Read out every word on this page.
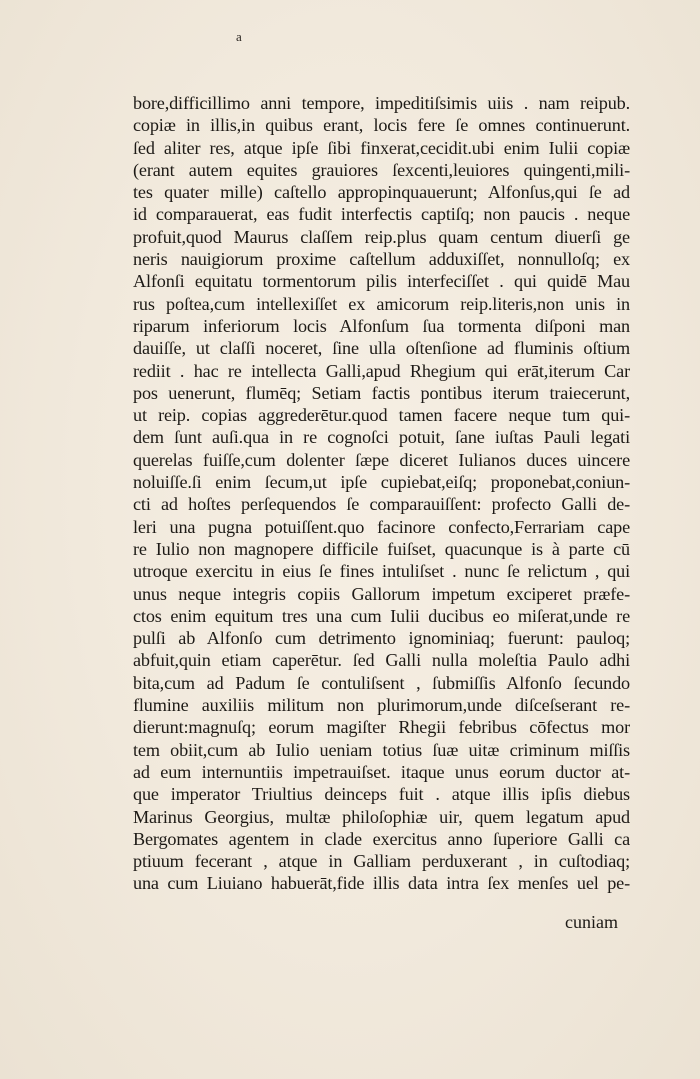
a
bore,difficillimo anni tempore, impeditiſsimis uiis . nam reipub.
copiæ in illis,in quibus erant, locis fere ſe omnes continuerunt.
ſed aliter res, atque ipſe ſibi finxerat,cecidit.ubi enim Iulii copiæ
(erant autem equites grauiores ſexcenti,leuiores quingenti,mili-
tes quater mille) caſtello appropinquauerunt; Alfonſus,qui ſe ad
id comparauerat, eas fudit interfectis captiſq; non paucis . neque
profuit,quod Maurus claſſem reip.plus quam centum diuerſi ge
neris nauigiorum proxime caſtellum adduxiſſet, nonnulloſq; ex
Alfonſi equitatu tormentorum pilis interfeciſſet . qui quidē Mau
rus poſtea,cum intellexiſſet ex amicorum reip.literis,non unis in
riparum inferiorum locis Alfonſum ſua tormenta diſponi man
dauiſſe, ut claſſi noceret, ſine ulla oſtenſione ad fluminis oſtium
rediit . hac re intellecta Galli,apud Rhegium qui erāt,iterum Car
pos uenerunt, flumēq; Setiam factis pontibus iterum traiecerunt,
ut reip. copias aggrederētur.quod tamen facere neque tum qui-
dem ſunt auſi.qua in re cognoſci potuit, ſane iuſtas Pauli legati
querelas fuiſſe,cum dolenter ſæpe diceret Iulianos duces uincere
noluiſſe.ſi enim ſecum,ut ipſe cupiebat,eiſq; proponebat,coniun-
cti ad hoſtes perſequendos ſe comparauiſſent: profecto Galli de-
leri una pugna potuiſſent.quo facinore confecto,Ferrariam cape
re Iulio non magnopere difficile fuiſset, quacunque is à parte cū
utroque exercitu in eius ſe fines intuliſset . nunc ſe relictum , qui
unus neque integris copiis Gallorum impetum exciperet præfe-
ctos enim equitum tres una cum Iulii ducibus eo miſerat,unde re
pulſi ab Alfonſo cum detrimento ignominiaq; fuerunt: pauloq;
abfuit,quin etiam caperētur. ſed Galli nulla moleſtia Paulo adhi
bita,cum ad Padum ſe contuliſsent , ſubmiſſis Alfonſo ſecundo
flumine auxiliis militum non plurimorum,unde diſceſserant re-
dierunt:magnuſq; eorum magiſter Rhegii febribus cōfectus mor
tem obiit,cum ab Iulio ueniam totius ſuæ uitæ criminum miſſis
ad eum internuntiis impetrauiſset. itaque unus eorum ductor at-
que imperator Triultius deinceps fuit . atque illis ipſis diebus
Marinus Georgius, multæ philoſophiæ uir, quem legatum apud
Bergomates agentem in clade exercitus anno ſuperiore Galli ca
ptiuum fecerant , atque in Galliam perduxerant , in cuſtodiaq;
una cum Liuiano habuerāt,fide illis data intra ſex menſes uel pe-
cuniam
